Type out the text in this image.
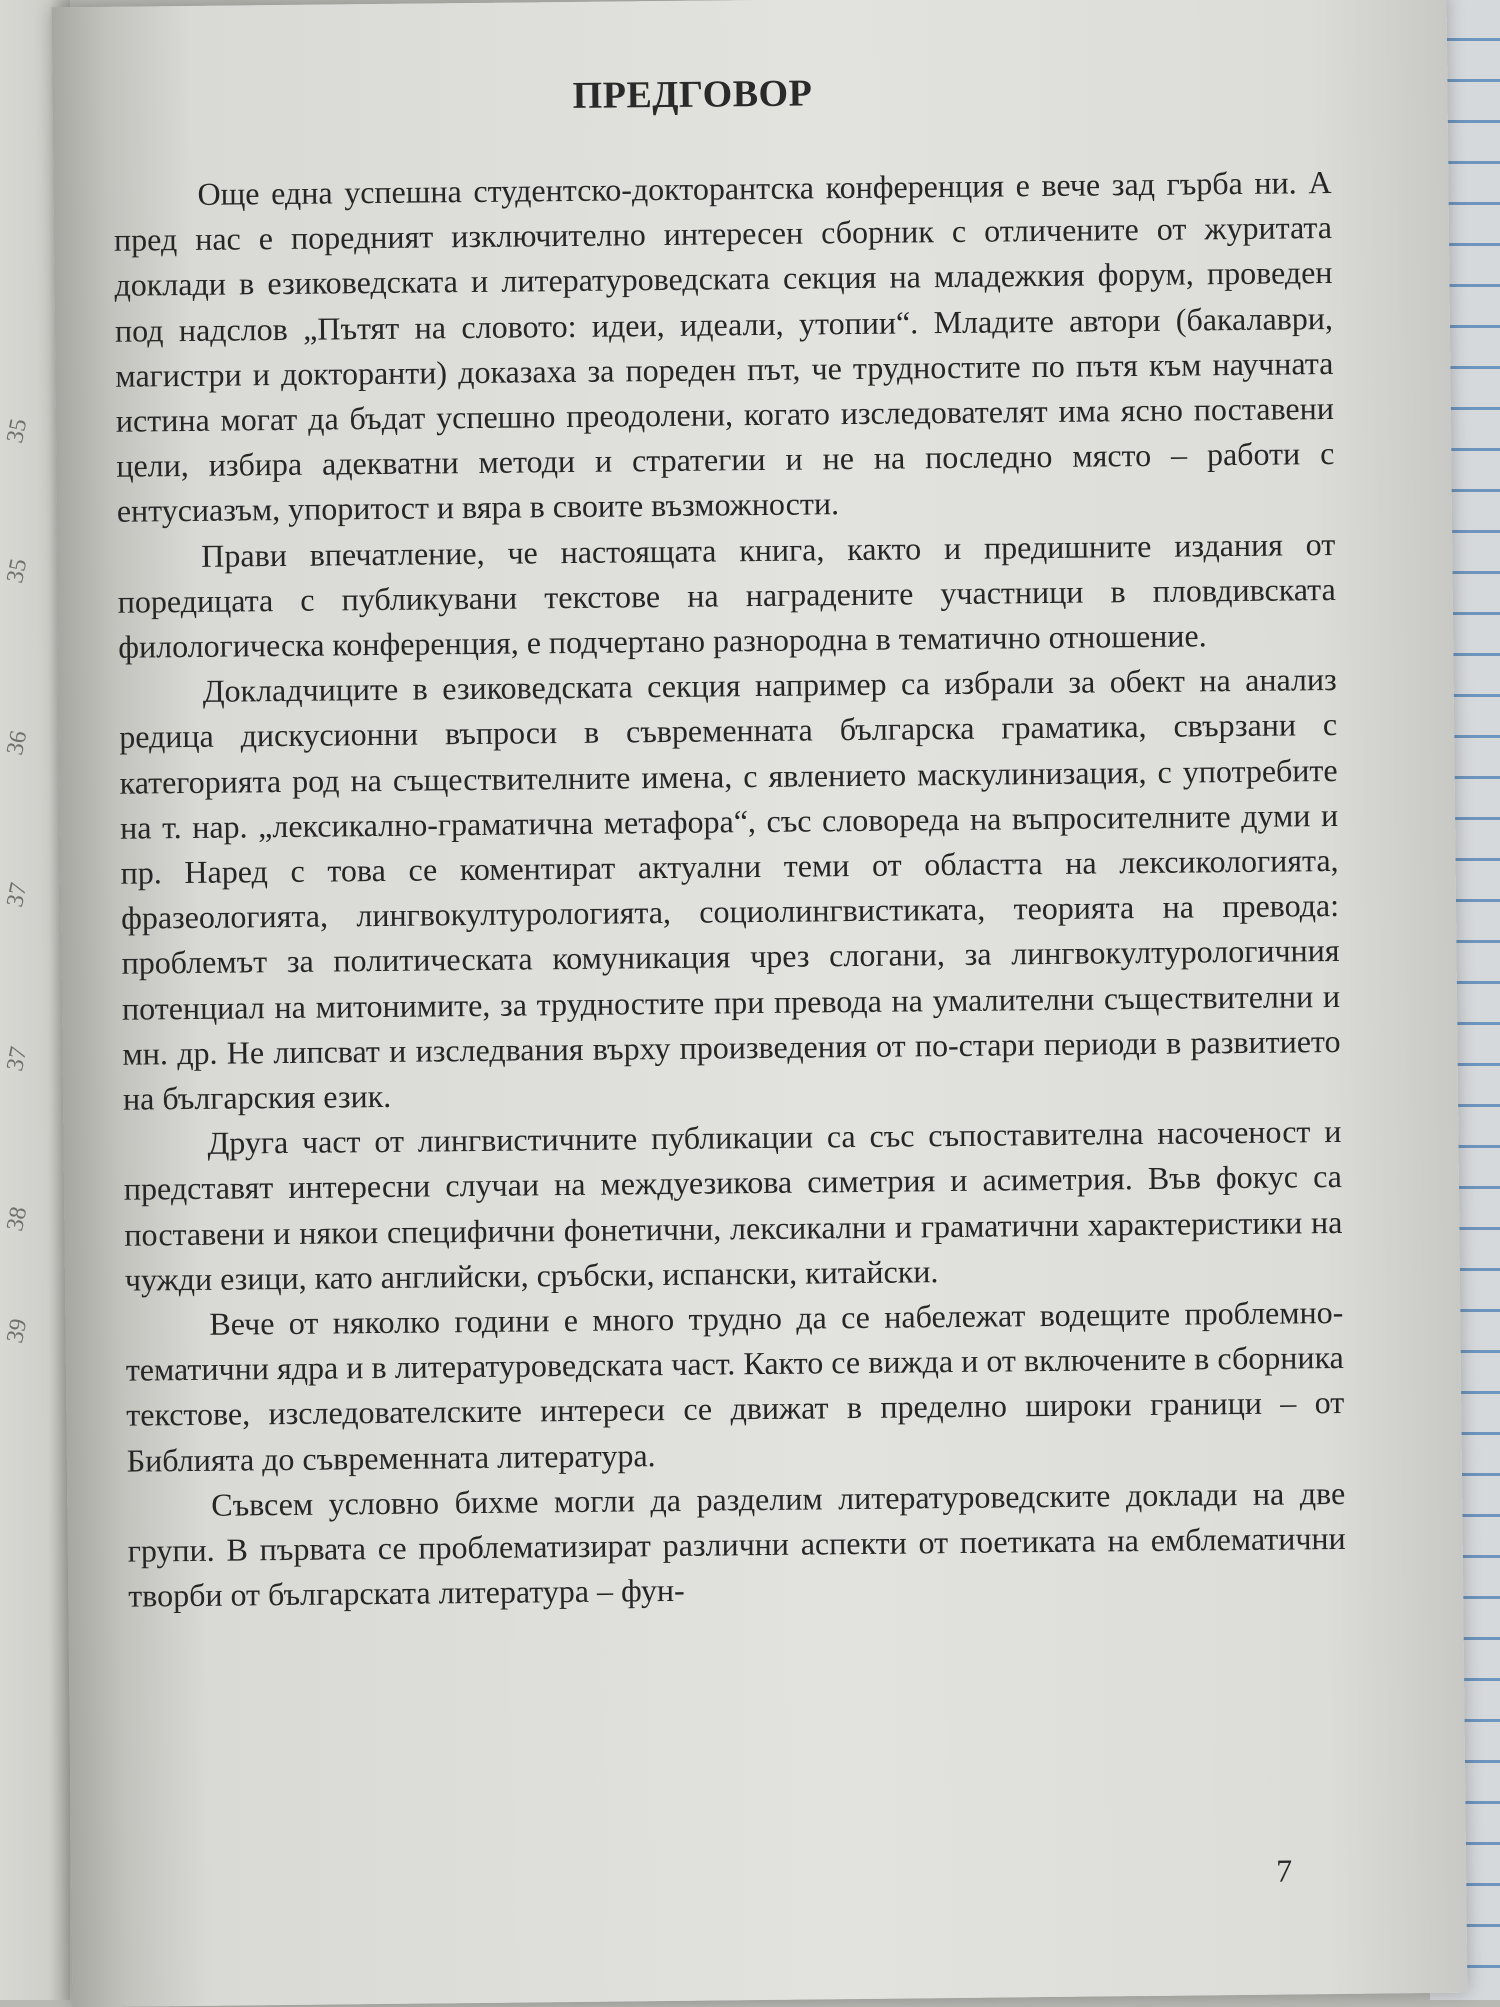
35
35
36
37
37
38
39
ПРЕДГОВОР

Още една успешна студентско-докторантска конференция е вече зад гърба ни. А пред нас е поредният изключително интересен сборник с отличените от журитата доклади в езиковедската и литературоведската секция на младежкия форум, проведен под надслов „Пътят на словото: идеи, идеали, утопии“. Младите автори (бакалаври, магистри и докторанти) доказаха за пореден път, че трудностите по пътя към научната истина могат да бъдат успешно преодолени, когато изследователят има ясно поставени цели, избира адекватни методи и стратегии и не на последно място – работи с ентусиазъм, упоритост и вяра в своите възможности.

Прави впечатление, че настоящата книга, както и предишните издания от поредицата с публикувани текстове на наградените участници в пловдивската филологическа конференция, е подчертано разнородна в тематично отношение.

Докладчиците в езиковедската секция например са избрали за обект на анализ редица дискусионни въпроси в съвременната българска граматика, свързани с категорията род на съществителните имена, с явлението маскулинизация, с употребите на т. нар. „лексикално-граматична метафора“, със словореда на въпросителните думи и пр. Наред с това се коментират актуални теми от областта на лексикологията, фразеологията, лингвокултурологията, социолингвистиката, теорията на превода: проблемът за политическата комуникация чрез слогани, за лингвокултурологичния потенциал на митонимите, за трудностите при превода на умалителни съществителни и мн. др. Не липсват и изследвания върху произведения от по-стари периоди в развитието на българския език.

Друга част от лингвистичните публикации са със съпоставителна насоченост и представят интересни случаи на междуезикова симетрия и асиметрия. Във фокус са поставени и някои специфични фонетични, лексикални и граматични характеристики на чужди езици, като английски, сръбски, испански, китайски.

Вече от няколко години е много трудно да се набележат водещите проблемно-тематични ядра и в литературоведската част. Както се вижда и от включените в сборника текстове, изследователските интереси се движат в пределно широки граници – от Библията до съвременната литература.

Съвсем условно бихме могли да разделим литературоведските доклади на две групи. В първата се проблематизират различни аспекти от поетиката на емблематични творби от българската литература – фун-

7
